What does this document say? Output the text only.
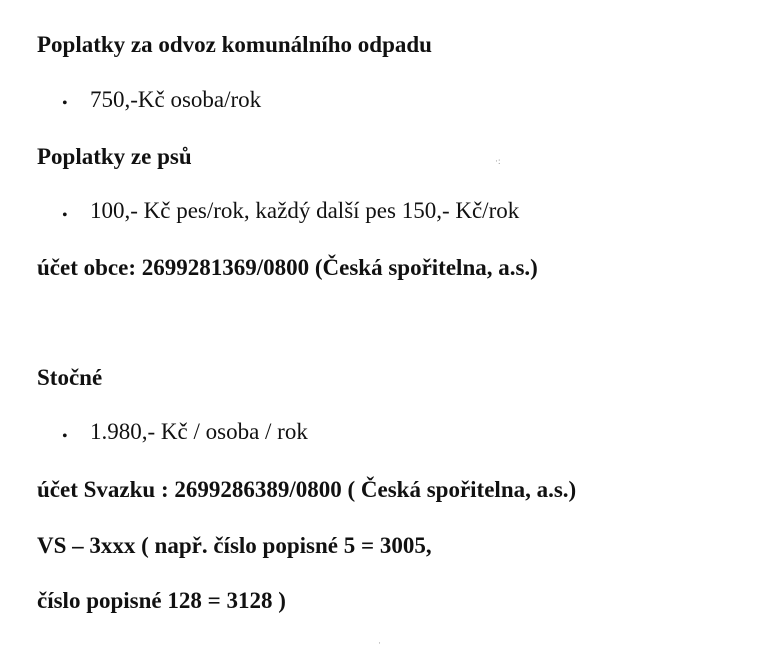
Poplatky za odvoz komunálního odpadu
• 750,-Kč osoba/rok
Poplatky ze psů
• 100,- Kč pes/rok, každý další pes 150,- Kč/rok
účet obce: 2699281369/0800 (Česká spořitelna, a.s.)
Stočné
• 1.980,- Kč / osoba / rok
účet Svazku : 2699286389/0800 ( Česká spořitelna, a.s.)
VS – 3xxx ( např. číslo popisné 5 = 3005,
číslo popisné 128 = 3128 )
·:
·
